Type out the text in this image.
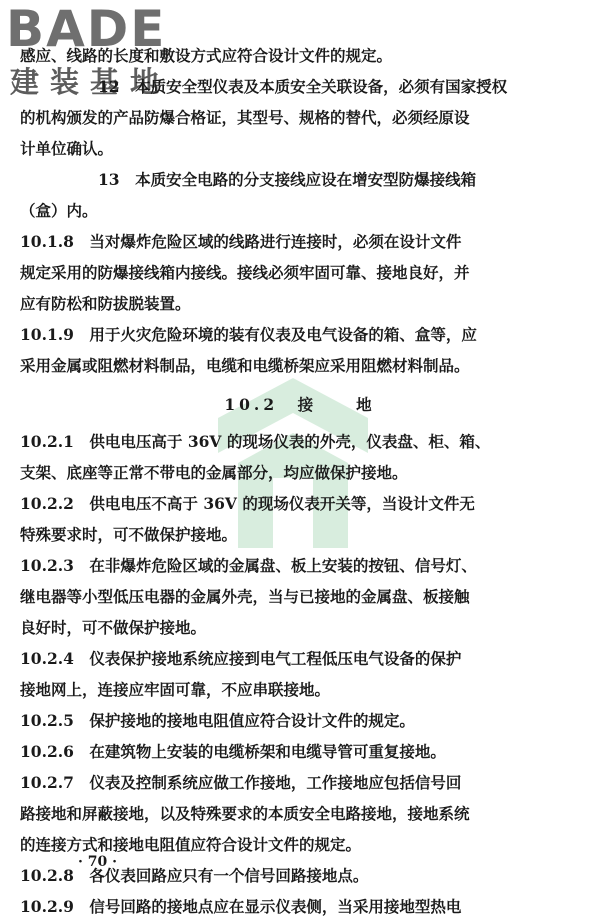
BADE
建装基地
感应、线路的长度和敷设方式应符合设计文件的规定。
12　本质安全型仪表及本质安全关联设备，必须有国家授权
的机构颁发的产品防爆合格证，其型号、规格的替代，必须经原设
计单位确认。
13　本质安全电路的分支接线应设在增安型防爆接线箱
（盒）内。
10.1.8　当对爆炸危险区域的线路进行连接时，必须在设计文件
规定采用的防爆接线箱内接线。接线必须牢固可靠、接地良好，并
应有防松和防拔脱装置。
10.1.9　用于火灾危险环境的装有仪表及电气设备的箱、盒等，应
采用金属或阻燃材料制品，电缆和电缆桥架应采用阻燃材料制品。
10.2　接　　地
10.2.1　供电电压高于 36V 的现场仪表的外壳，仪表盘、柜、箱、
支架、底座等正常不带电的金属部分，均应做保护接地。
10.2.2　供电电压不高于 36V 的现场仪表开关等，当设计文件无
特殊要求时，可不做保护接地。
10.2.3　在非爆炸危险区域的金属盘、板上安装的按钮、信号灯、
继电器等小型低压电器的金属外壳，当与已接地的金属盘、板接触
良好时，可不做保护接地。
10.2.4　仪表保护接地系统应接到电气工程低压电气设备的保护
接地网上，连接应牢固可靠，不应串联接地。
10.2.5　保护接地的接地电阻值应符合设计文件的规定。
10.2.6　在建筑物上安装的电缆桥架和电缆导管可重复接地。
10.2.7　仪表及控制系统应做工作接地，工作接地应包括信号回
路接地和屏蔽接地，以及特殊要求的本质安全电路接地，接地系统
的连接方式和接地电阻值应符合设计文件的规定。
10.2.8　各仪表回路应只有一个信号回路接地点。
10.2.9　信号回路的接地点应在显示仪表侧，当采用接地型热电
· 70 ·
